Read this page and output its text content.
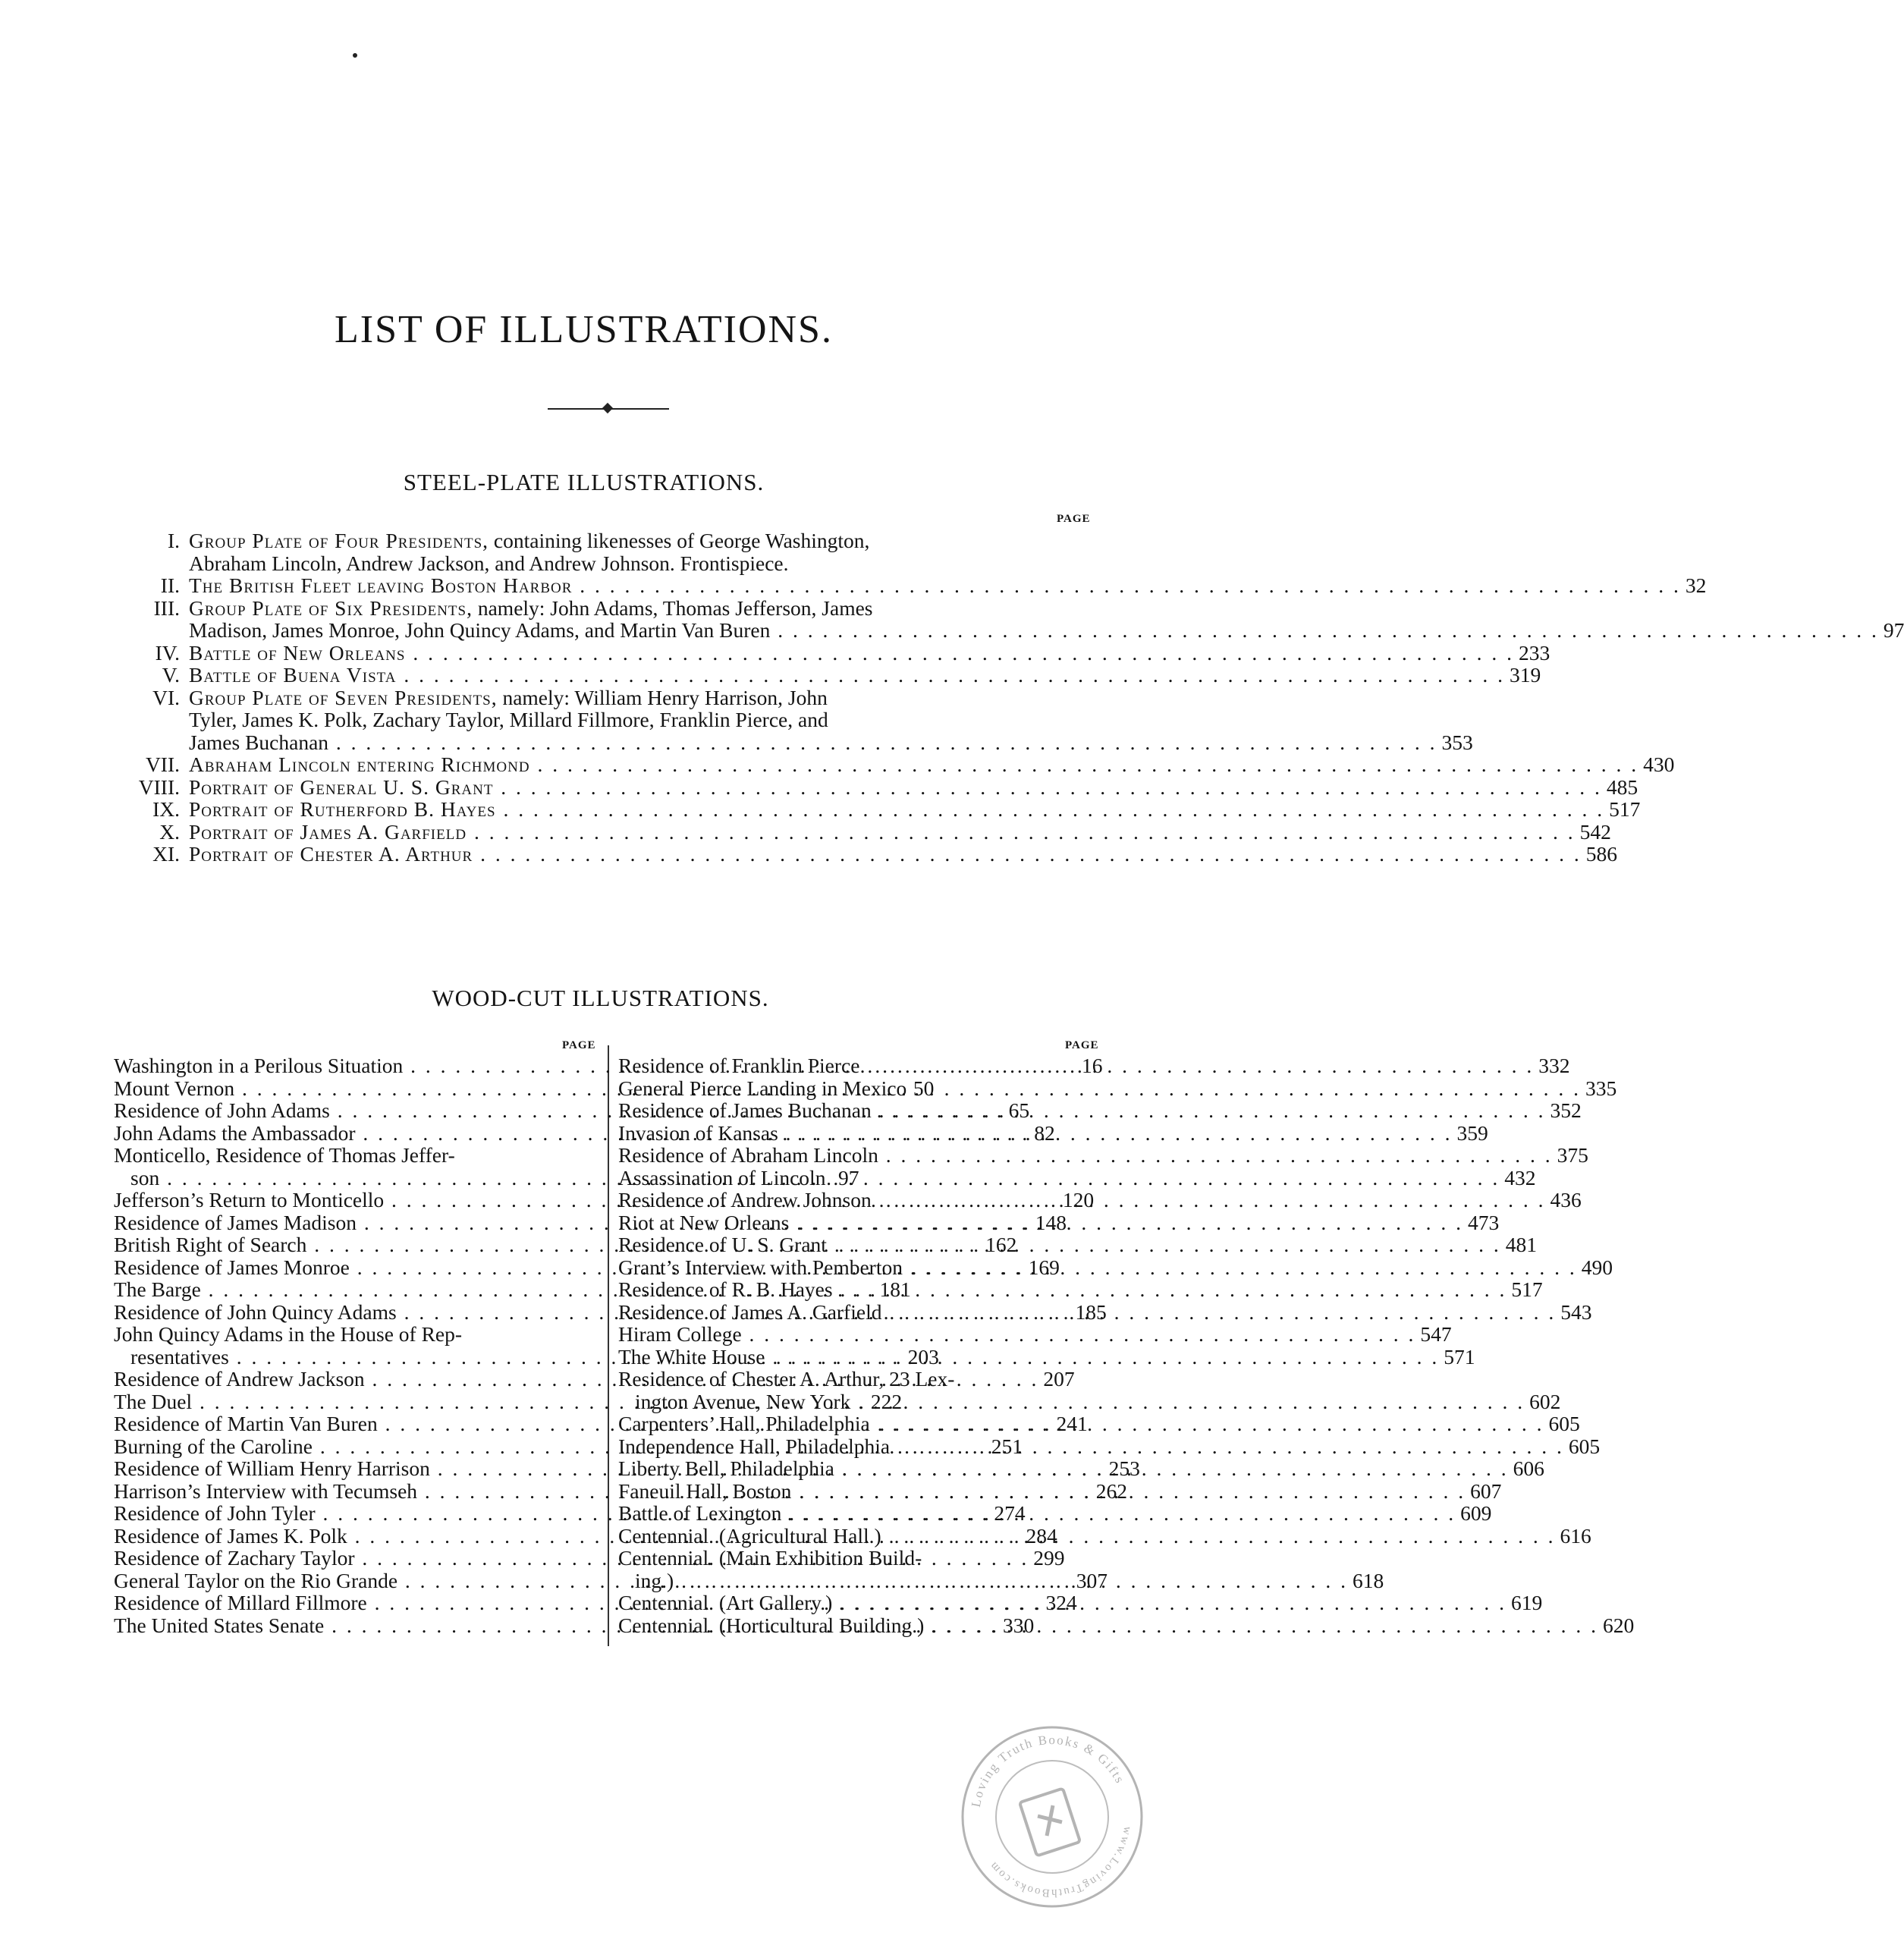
LIST OF ILLUSTRATIONS.
STEEL-PLATE ILLUSTRATIONS.
PAGE
I. Group Plate of Four Presidents, containing likenesses of George Washington,
Abraham Lincoln, Andrew Jackson, and Andrew Johnson. Frontispiece.
II. The British Fleet leaving Boston Harbor . . .	32
III. Group Plate of Six Presidents, namely: John Adams, Thomas Jefferson, James
Madison, James Monroe, John Quincy Adams, and Martin Van Buren . . .	97
IV. Battle of New Orleans . . .	233
V. Battle of Buena Vista . . .	319
VI. Group Plate of Seven Presidents, namely: William Henry Harrison, John
Tyler, James K. Polk, Zachary Taylor, Millard Fillmore, Franklin Pierce, and
James Buchanan . . .	353
VII. Abraham Lincoln entering Richmond . . .	430
VIII. Portrait of General U. S. Grant . . .	485
IX. Portrait of Rutherford B. Hayes . . .	517
X. Portrait of James A. Garfield . . .	542
XI. Portrait of Chester A. Arthur . . .	586
WOOD-CUT ILLUSTRATIONS.
PAGE	PAGE
Washington in a Perilous Situation . . .	16
Mount Vernon . . .	50
Residence of John Adams . . .	65
John Adams the Ambassador . . .	82
Monticello, Residence of Thomas Jeffer-
son . . .	97
Jefferson’s Return to Monticello . . .	120
Residence of James Madison . . .	148
British Right of Search . . .	162
Residence of James Monroe . . .	169
The Barge . . .	181
Residence of John Quincy Adams . . .	185
John Quincy Adams in the House of Rep-
resentatives . . .	203
Residence of Andrew Jackson . . .	207
The Duel . . .	222
Residence of Martin Van Buren . . .	241
Burning of the Caroline . . .	251
Residence of William Henry Harrison . . .	253
Harrison’s Interview with Tecumseh . . .	262
Residence of John Tyler . . .	274
Residence of James K. Polk . . .	284
Residence of Zachary Taylor . . .	299
General Taylor on the Rio Grande . . .	307
Residence of Millard Fillmore . . .	324
The United States Senate . . .	330
Residence of Franklin Pierce . . .	332
General Pierce Landing in Mexico . . .	335
Residence of James Buchanan . . .	352
Invasion of Kansas . . .	359
Residence of Abraham Lincoln . . .	375
Assassination of Lincoln . . .	432
Residence of Andrew Johnson . . .	436
Riot at New Orleans . . .	473
Residence of U. S. Grant . . .	481
Grant’s Interview with Pemberton . . .	490
Residence of R. B. Hayes . . .	517
Residence of James A. Garfield . . .	543
Hiram College . . .	547
The White House . . .	571
Residence of Chester A. Arthur, 23 Lex-
ington Avenue, New York . . .	602
Carpenters’ Hall, Philadelphia . . .	605
Independence Hall, Philadelphia . . .	605
Liberty Bell, Philadelphia . . .	606
Faneuil Hall, Boston . . .	607
Battle of Lexington . . .	609
Centennial. (Agricultural Hall.) . . .	616
Centennial. (Main Exhibition Build-
ing.) . . .	618
Centennial. (Art Gallery.) . . .	619
Centennial. (Horticultural Building.) . . .	620
Loving Truth Books & Gifts
www.LovingTruthBooks.com
